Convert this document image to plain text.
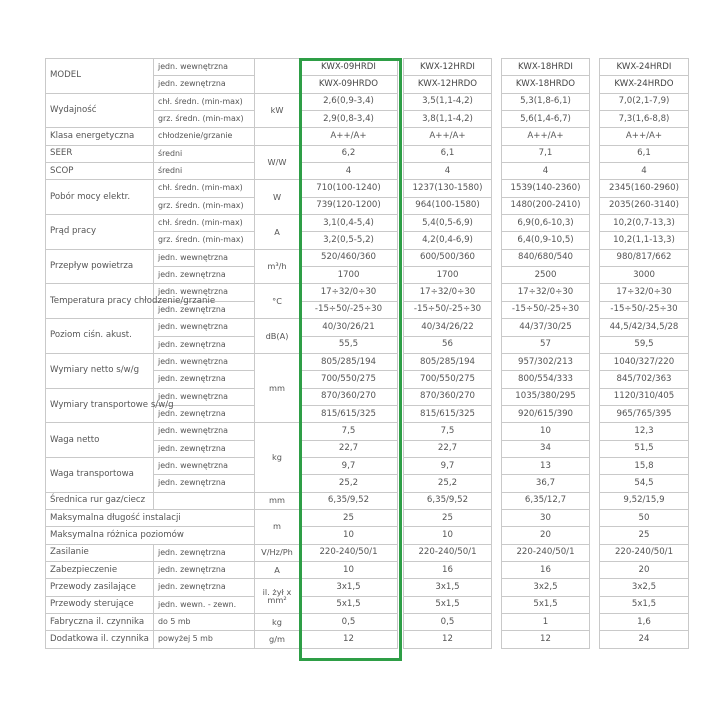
MODEL	jedn. wewnętrzna		KWX-09HRDI		KWX-12HRDI		KWX-18HRDI		KWX-24HRDI
	jedn. zewnętrzna		KWX-09HRDO		KWX-12HRDO		KWX-18HRDO		KWX-24HRDO
Wydajność	chł. średn. (min-max)	kW	2,6(0,9-3,4)		3,5(1,1-4,2)		5,3(1,8-6,1)		7,0(2,1-7,9)
	grz. średn. (min-max)		2,9(0,8-3,4)		3,8(1,1-4,2)		5,6(1,4-6,7)		7,3(1,6-8,8)
Klasa energetyczna	chłodzenie/grzanie		A++/A+		A++/A+		A++/A+		A++/A+
SEER	średni	W/W	6,2		6,1		7,1		6,1
SCOP	średni		4		4		4		4
Pobór mocy elektr.	chł. średn. (min-max)	W	710(100-1240)		1237(130-1580)		1539(140-2360)		2345(160-2960)
	grz. średn. (min-max)		739(120-1200)		964(100-1580)		1480(200-2410)		2035(260-3140)
Prąd pracy	chł. średn. (min-max)	A	3,1(0,4-5,4)		5,4(0,5-6,9)		6,9(0,6-10,3)		10,2(0,7-13,3)
	grz. średn. (min-max)		3,2(0,5-5,2)		4,2(0,4-6,9)		6,4(0,9-10,5)		10,2(1,1-13,3)
Przepływ powietrza	jedn. wewnętrzna	m³/h	520/460/360		600/500/360		840/680/540		980/817/662
	jedn. zewnętrzna		1700		1700		2500		3000
Temperatura pracy chłodzenie/grzanie	jedn. wewnętrzna	°C	17÷32/0÷30		17÷32/0÷30		17÷32/0÷30		17÷32/0÷30
	jedn. zewnętrzna		-15÷50/-25÷30		-15÷50/-25÷30		-15÷50/-25÷30		-15÷50/-25÷30
Poziom ciśn. akust.	jedn. wewnętrzna	dB(A)	40/30/26/21		40/34/26/22		44/37/30/25		44,5/42/34,5/28
	jedn. zewnętrzna		55,5		56		57		59,5
Wymiary netto s/w/g	jedn. wewnętrzna	mm	805/285/194		805/285/194		957/302/213		1040/327/220
	jedn. zewnętrzna		700/550/275		700/550/275		800/554/333		845/702/363
Wymiary transportowe s/w/g	jedn. wewnętrzna		870/360/270		870/360/270		1035/380/295		1120/310/405
	jedn. zewnętrzna		815/615/325		815/615/325		920/615/390		965/765/395
Waga netto	jedn. wewnętrzna	kg	7,5		7,5		10		12,3
	jedn. zewnętrzna		22,7		22,7		34		51,5
Waga transportowa	jedn. wewnętrzna		9,7		9,7		13		15,8
	jedn. zewnętrzna		25,2		25,2		36,7		54,5
Średnica rur gaz/ciecz		mm	6,35/9,52		6,35/9,52		6,35/12,7		9,52/15,9
Maksymalna długość instalacji		m	25		25		30		50
Maksymalna różnica poziomów			10		10		20		25
Zasilanie	jedn. zewnętrzna	V/Hz/Ph	220-240/50/1		220-240/50/1		220-240/50/1		220-240/50/1
Zabezpieczenie	jedn. zewnętrzna	A	10		16		16		20
Przewody zasilające	jedn. zewnętrzna	il. żył x mm²	3x1,5		3x1,5		3x2,5		3x2,5
Przewody sterujące	jedn. wewn. - zewn.		5x1,5		5x1,5		5x1,5		5x1,5
Fabryczna il. czynnika	do 5 mb	kg	0,5		0,5		1		1,6
Dodatkowa il. czynnika	powyżej 5 mb	g/m	12		12		12		24
